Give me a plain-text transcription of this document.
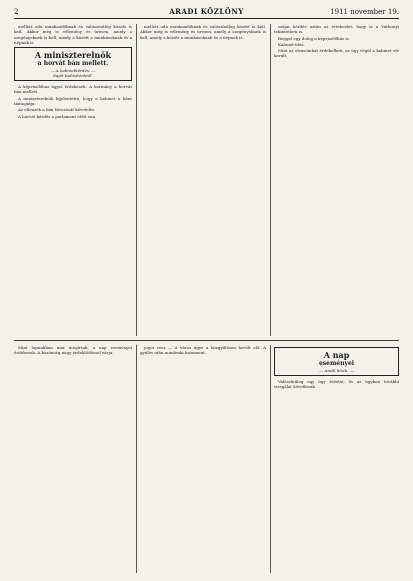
2	ARADI KÖZLÖNY	1911 november 19.

mellett oda munkaadóknak és valószínűleg között is kell. Akkor még is vélemény és üresen, amely a szegényeknek is kell, amely a között a munkásoknak és a népnek is.

A miniszterelnök
a horvát bán mellett.
— A kabinetkérdés. —
Saját tudósítónktól.

A képviselőház ügyei érdekesek. A kormány a horvát bán mellett.

A miniszterelnök kijelentette, hogy a kabinet a bánt támogatja.

Az ellenzék a bán távozását követelte.

A horvát kérdés a parlament előtt van.

mellett oda munkaadóknak és valószínűleg között is kell. Akkor még is vélemény és üresen, amely a szegényeknek is kell, amely a között a munkásoknak és a népnek is.

szájat kérdés aztán az értekezlet, hogy is a Várkonyi tekintetben is.

Reggel egy dolog a képviselőház is.

Kabinet-ülés.

Mint az olvasóinkat érdekelheti, az ügy végül a kabinet elé került.

Mint lapunkban már megírtuk, a nap eseményei érdekesek. A közönség nagy érdeklődéssel várja.

jogot vesz — A város ügye a közgyűlésen került elő. A gyűlés után mindenki hazament.	A nap
eseményei
— Aradi hírek. —

Valószínűleg egy ügy történt, és az ügyben további vizsgálat következik.
